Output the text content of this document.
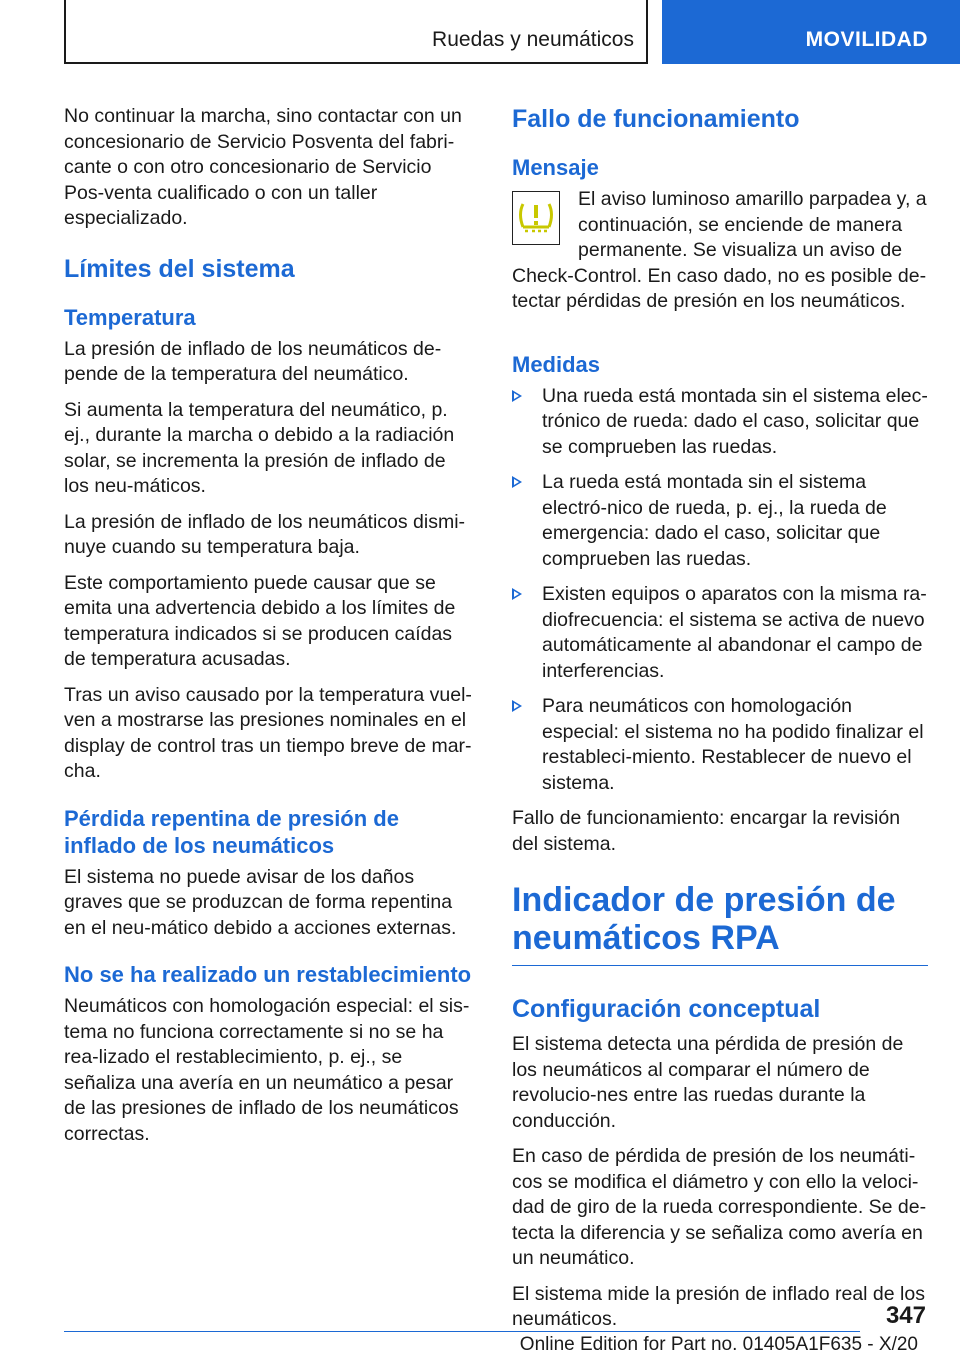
Ruedas y neumáticos	MOVILIDAD

No continuar la marcha, sino contactar con un concesionario de Servicio Posventa del fabri-cante o con otro concesionario de Servicio Pos-venta cualificado o con un taller especializado.

Límites del sistema
Temperatura

La presión de inflado de los neumáticos de-pende de la temperatura del neumático.

Si aumenta la temperatura del neumático, p. ej., durante la marcha o debido a la radiación solar, se incrementa la presión de inflado de los neu-máticos.

La presión de inflado de los neumáticos dismi-nuye cuando su temperatura baja.

Este comportamiento puede causar que se emita una advertencia debido a los límites de temperatura indicados si se producen caídas de temperatura acusadas.

Tras un aviso causado por la temperatura vuel-ven a mostrarse las presiones nominales en el display de control tras un tiempo breve de mar-cha.

Pérdida repentina de presión de inflado de los neumáticos

El sistema no puede avisar de los daños graves que se produzcan de forma repentina en el neu-mático debido a acciones externas.

No se ha realizado un restablecimiento

Neumáticos con homologación especial: el sis-tema no funciona correctamente si no se ha rea-lizado el restablecimiento, p. ej., se señaliza una avería en un neumático a pesar de las presiones de inflado de los neumáticos correctas.

Fallo de funcionamiento
Mensaje

El aviso luminoso amarillo parpadea y, a continuación, se enciende de manera permanente. Se visualiza un aviso de Check-Control. En caso dado, no es posible de-tectar pérdidas de presión en los neumáticos.

Medidas
Una rueda está montada sin el sistema elec-trónico de rueda: dado el caso, solicitar que se comprueben las ruedas.
La rueda está montada sin el sistema electró-nico de rueda, p. ej., la rueda de emergencia: dado el caso, solicitar que comprueben las ruedas.
Existen equipos o aparatos con la misma ra-diofrecuencia: el sistema se activa de nuevo automáticamente al abandonar el campo de interferencias.
Para neumáticos con homologación especial: el sistema no ha podido finalizar el restableci-miento. Restablecer de nuevo el sistema.

Fallo de funcionamiento: encargar la revisión del sistema.

Indicador de presión de neumáticos RPA
Configuración conceptual

El sistema detecta una pérdida de presión de los neumáticos al comparar el número de revolucio-nes entre las ruedas durante la conducción.

En caso de pérdida de presión de los neumáti-cos se modifica el diámetro y con ello la veloci-dad de giro de la rueda correspondiente. Se de-tecta la diferencia y se señaliza como avería en un neumático.

El sistema mide la presión de inflado real de los neumáticos.	347
Online Edition for Part no. 01405A1F635 - X/20
